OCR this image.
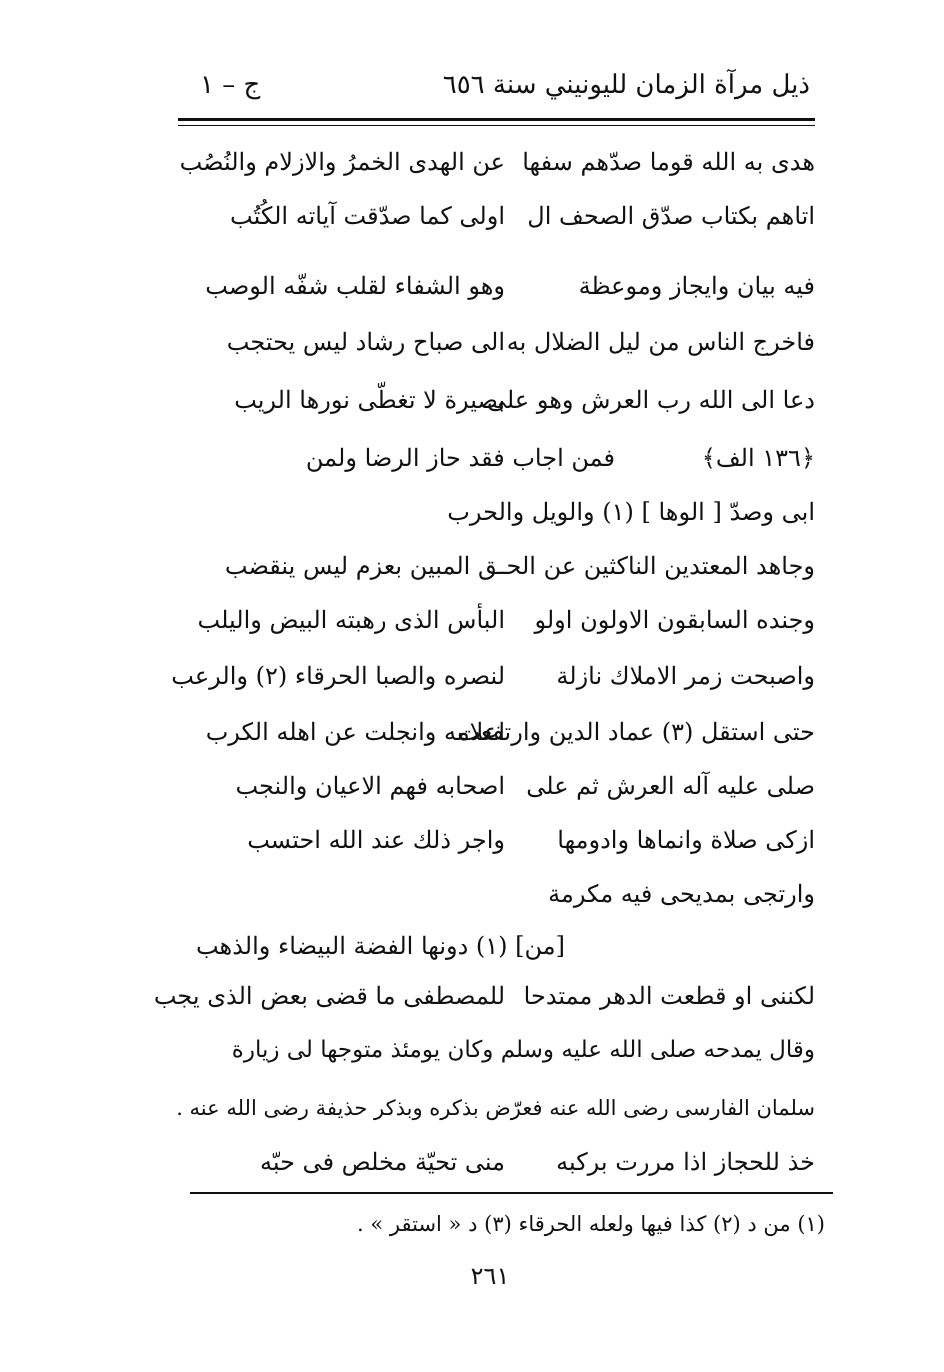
ذيل مرآة الزمان لليونيني سنة ٦٥٦
ج – ١
هدى به الله قوما صدّهم سفها
عن الهدى الخمرُ والازلام والنُصُب
اتاهم بكتاب صدّق الصحف ال
اولى كما صدّقت آياته الكُتُب
فيه بيان وايجاز وموعظة
وهو الشفاء لقلب شفّه الوصب
فاخرج الناس من ليل الضلال به
الى صباح رشاد ليس يحتجب
دعا الى الله رب العرش وهو على
بصيرة لا تغطّى نورها الريب
فمن اجاب فقد حاز الرضا ولمن	﴿١٣٦ الف﴾
ابى وصدّ [ الوها ] (١) والويل والحرب
وجاهد المعتدين الناكثين عن الحـ
ـق المبين بعزم ليس ينقضب
وجنده السابقون الاولون اولو
البأس الذى رهبته البيض واليلب
واصبحت زمر الاملاك نازلة
لنصره والصبا الحرقاء (٢) والرعب
حتى استقل (٣) عماد الدين وارتفعت
اعلامه وانجلت عن اهله الكرب
صلى عليه آله العرش ثم على
اصحابه فهم الاعيان والنجب
ازكى صلاة وانماها وادومها
واجر ذلك عند الله احتسب
وارتجى بمديحى فيه مكرمة
[من] (١) دونها الفضة البيضاء والذهب
لكننى او قطعت الدهر ممتدحا
للمصطفى ما قضى بعض الذى يجب
وقال يمدحه صلى الله عليه وسلم وكان يومئذ متوجها لى زيارة
سلمان الفارسى رضى الله عنه فعرّض بذكره وبذكر حذيفة رضى الله عنه .
خذ للحجاز اذا مررت بركبه
منى تحيّة مخلص فى حبّه
(١) من د (٢) كذا فيها ولعله الحرقاء (٣) د « استقر » .
٢٦١
